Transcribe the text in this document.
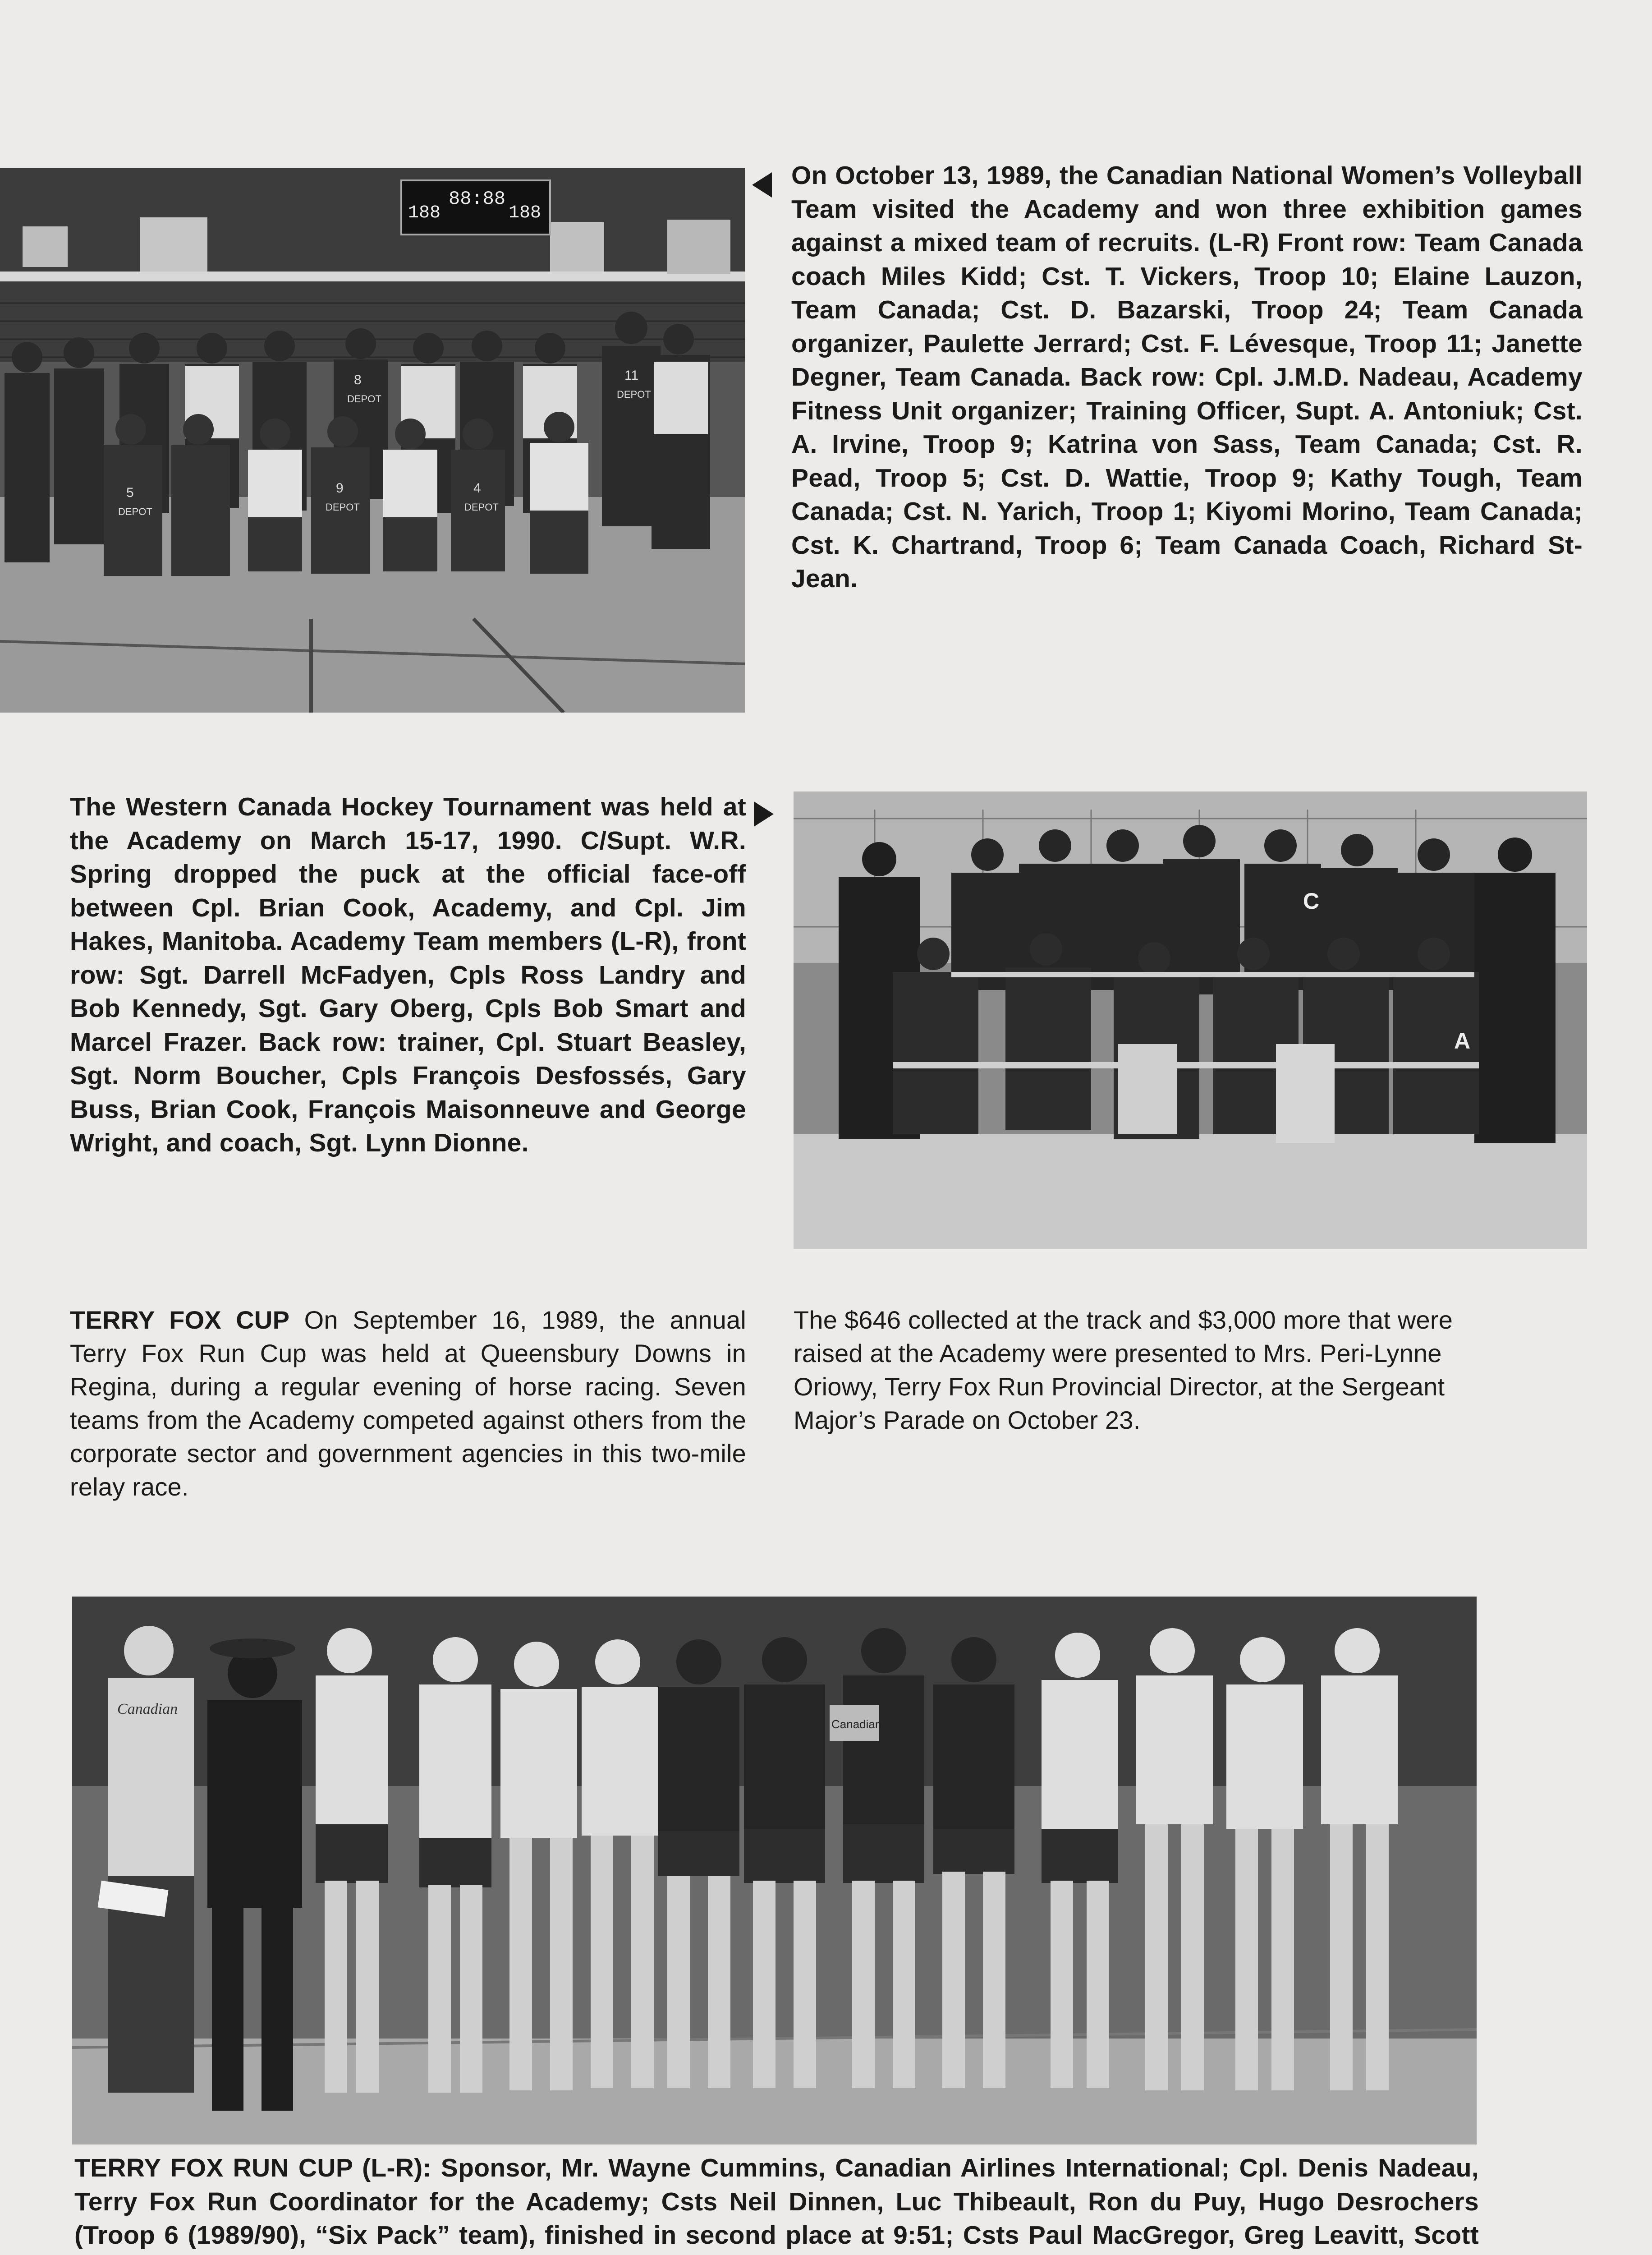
188
88:88
188
8
DEPOT
5
DEPOT
9
DEPOT
4
DEPOT
11
DEPOT
On October 13, 1989, the Canadian National Women’s Volleyball Team visited the Academy and won three exhibition games against a mixed team of recruits. (L-R) Front row: Team Canada coach Miles Kidd; Cst. T. Vickers, Troop 10; Elaine Lauzon, Team Canada; Cst. D. Bazarski, Troop 24; Team Canada organizer, Paulette Jerrard; Cst. F. Lévesque, Troop 11; Janette Degner, Team Canada. Back row: Cpl. J.M.D. Nadeau, Academy Fitness Unit organizer; Training Officer, Supt. A. Antoniuk; Cst. A. Irvine, Troop 9; Katrina von Sass, Team Canada; Cst. R. Pead, Troop 5; Cst. D. Wattie, Troop 9; Kathy Tough, Team Canada; Cst. N. Yarich, Troop 1; Kiyomi Morino, Team Canada; Cst. K. Chartrand, Troop 6; Team Canada Coach, Richard St-Jean.
The Western Canada Hockey Tournament was held at the Academy on March 15-17, 1990. C/Supt. W.R. Spring dropped the puck at the official face-off between Cpl. Brian Cook, Academy, and Cpl. Jim Hakes, Manitoba. Academy Team members (L-R), front row: Sgt. Darrell McFadyen, Cpls Ross Landry and Bob Kennedy, Sgt. Gary Oberg, Cpls Bob Smart and Marcel Frazer. Back row: trainer, Cpl. Stuart Beasley, Sgt. Norm Boucher, Cpls François Desfossés, Gary Buss, Brian Cook, François Maisonneuve and George Wright, and coach, Sgt. Lynn Dionne.
C
A
TERRY FOX CUP On September 16, 1989, the annual Terry Fox Run Cup was held at Queensbury Downs in Regina, during a regular evening of horse racing. Seven teams from the Academy competed against others from the corporate sector and government agencies in this two-mile relay race.
The $646 collected at the track and $3,000 more that were raised at the Academy were presented to Mrs. Peri-Lynne Oriowy, Terry Fox Run Provincial Director, at the Sergeant Major’s Parade on October 23.
Canadian
Canadian
TERRY FOX RUN CUP (L-R): Sponsor, Mr. Wayne Cummins, Canadian Airlines International; Cpl. Denis Nadeau, Terry Fox Run Coordinator for the Academy; Csts Neil Dinnen, Luc Thibeault, Ron du Puy, Hugo Desrochers (Troop 6 (1989/90), “Six Pack” team), finished in second place at 9:51; Csts Paul MacGregor, Greg Leavitt, Scott
